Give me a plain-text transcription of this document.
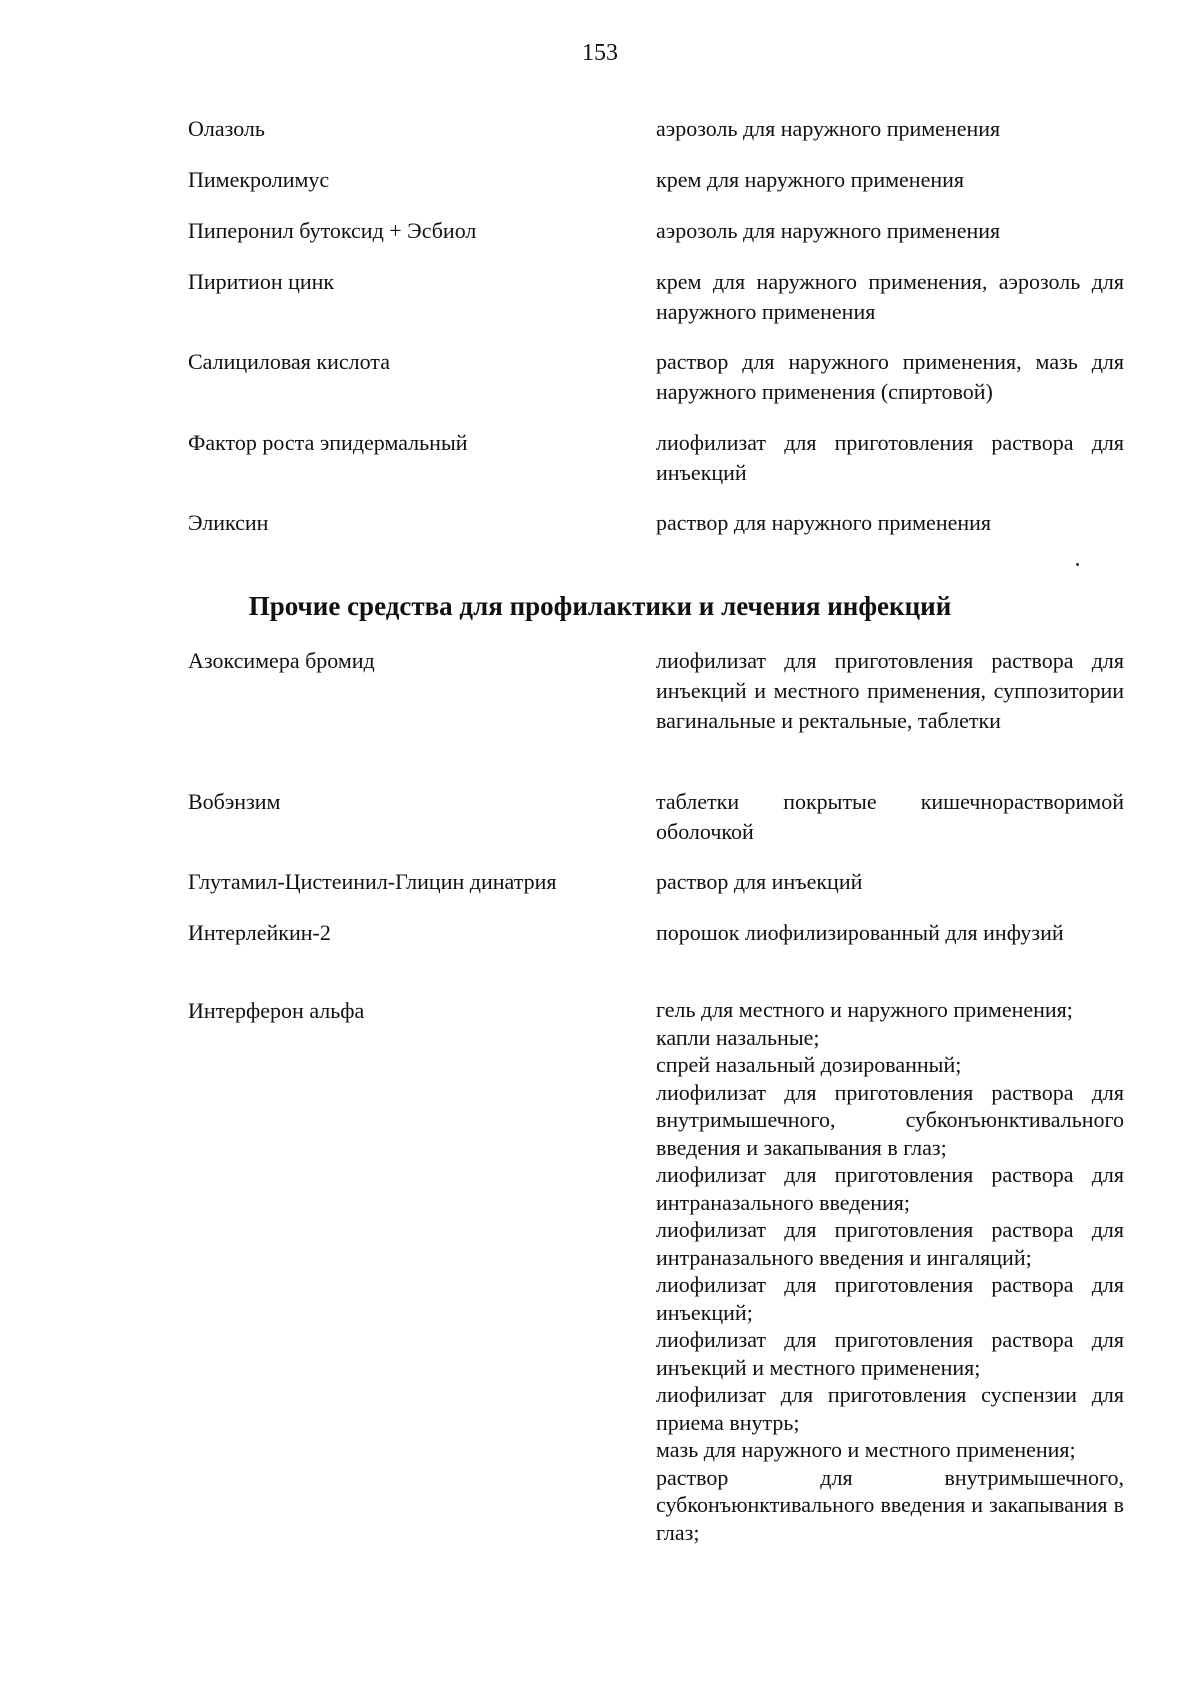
153
Олазоль	аэрозоль для наружного применения
Пимекролимус	крем для наружного применения
Пиперонил бутоксид + Эсбиол	аэрозоль для наружного применения
Пиритион цинк	крем для наружного применения, аэрозоль для наружного применения
Салициловая кислота	раствор для наружного применения, мазь для наружного применения (спиртовой)
Фактор роста эпидермальный	лиофилизат для приготовления раствора для инъекций
Эликсин	раствор для наружного применения
Прочие средства для профилактики и лечения инфекций
Азоксимера бромид	лиофилизат для приготовления раствора для инъекций и местного применения, суппозитории вагинальные и ректальные, таблетки
Вобэнзим	таблетки покрытые кишечнорастворимой оболочкой
Глутамил-Цистеинил-Глицин динатрия	раствор для инъекций
Интерлейкин-2	порошок лиофилизированный для инфузий
Интерферон альфа	гель для местного и наружного применения;

капли назальные;

спрей назальный дозированный;

лиофилизат для приготовления раствора для внутримышечного, субконъюнктивального введения и закапывания в глаз;

лиофилизат для приготовления раствора для интраназального введения;

лиофилизат для приготовления раствора для интраназального введения и ингаляций;

лиофилизат для приготовления раствора для инъекций;

лиофилизат для приготовления раствора для инъекций и местного применения;

лиофилизат для приготовления суспензии для приема внутрь;

мазь для наружного и местного применения;

раствор для внутримышечного, субконъюнктивального введения и закапывания в глаз;
